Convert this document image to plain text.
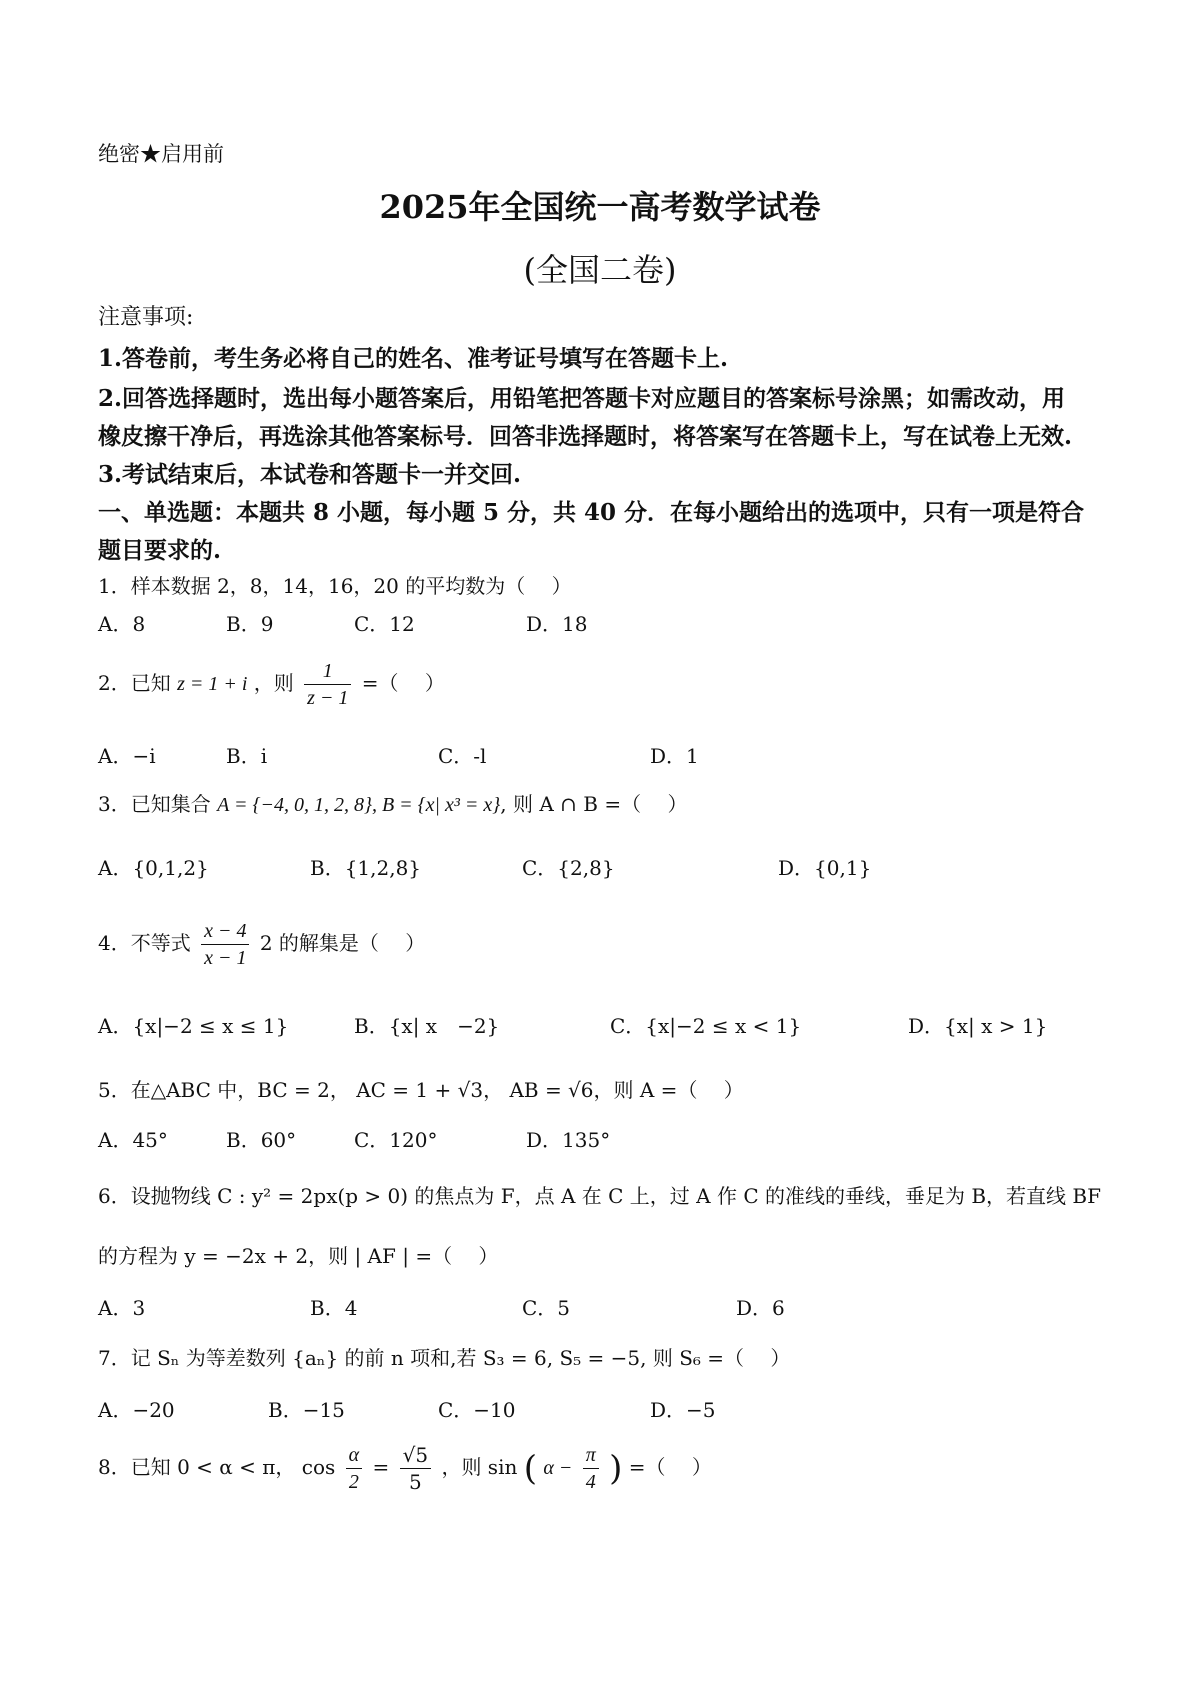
绝密★启用前
2025年全国统一高考数学试卷
(全国二卷)
注意事项:
1.答卷前，考生务必将自己的姓名、准考证号填写在答题卡上.
2.回答选择题时，选出每小题答案后，用铅笔把答题卡对应题目的答案标号涂黑；如需改动，用
橡皮擦干净后，再选涂其他答案标号．回答非选择题时，将答案写在答题卡上，写在试卷上无效.
3.考试结束后，本试卷和答题卡一并交回.
一、单选题：本题共 8 小题，每小题 5 分，共 40 分．在每小题给出的选项中，只有一项是符合
题目要求的.
1．样本数据 2，8，14，16，20 的平均数为（　 ）
A．8	B．9	C．12	D．18
2．已知 z = 1 + i ，则 $\frac{1}{z - 1}$ =（　 ）
A．−i	B．i	C．-l	D．1
3．已知集合 A = {−4, 0, 1, 2, 8}, B = {x| x³ = x}, 则 A ∩ B =（　 ）
A．{0,1,2}	B．{1,2,8}	C．{2,8}	D．{0,1}
4．不等式 $\frac{x - 4}{x - 1} 2$ 的解集是（　 ）
A．{x|−2 ≤ x ≤ 1}	B．{x| x　−2}	C．{x|−2 ≤ x < 1}	D．{x| x > 1}
5．在△ABC 中，BC = 2， AC = 1 + √3， AB = √6，则 A =（　 ）
A．45°	B．60°	C．120°	D．135°
6．设抛物线 C : y² = 2px(p > 0) 的焦点为 F，点 A 在 C 上，过 A 作 C 的准线的垂线，垂足为 B，若直线 BF
的方程为 y = −2x + 2，则 | AF | =（　 ）
A．3	B．4	C．5	D．6
7．记 Sₙ 为等差数列 {aₙ} 的前 n 项和,若 S₃ = 6, S₅ = −5, 则 S₆ =（　 ）
A．−20	B．−15	C．−10	D．−5
8．已知 0 < α < π， $\cos \frac{\alpha}{2} = \frac{√5}{5}$ ，则 sin ( $\alpha - \frac{\pi}{4}$ ) =（　 ）
